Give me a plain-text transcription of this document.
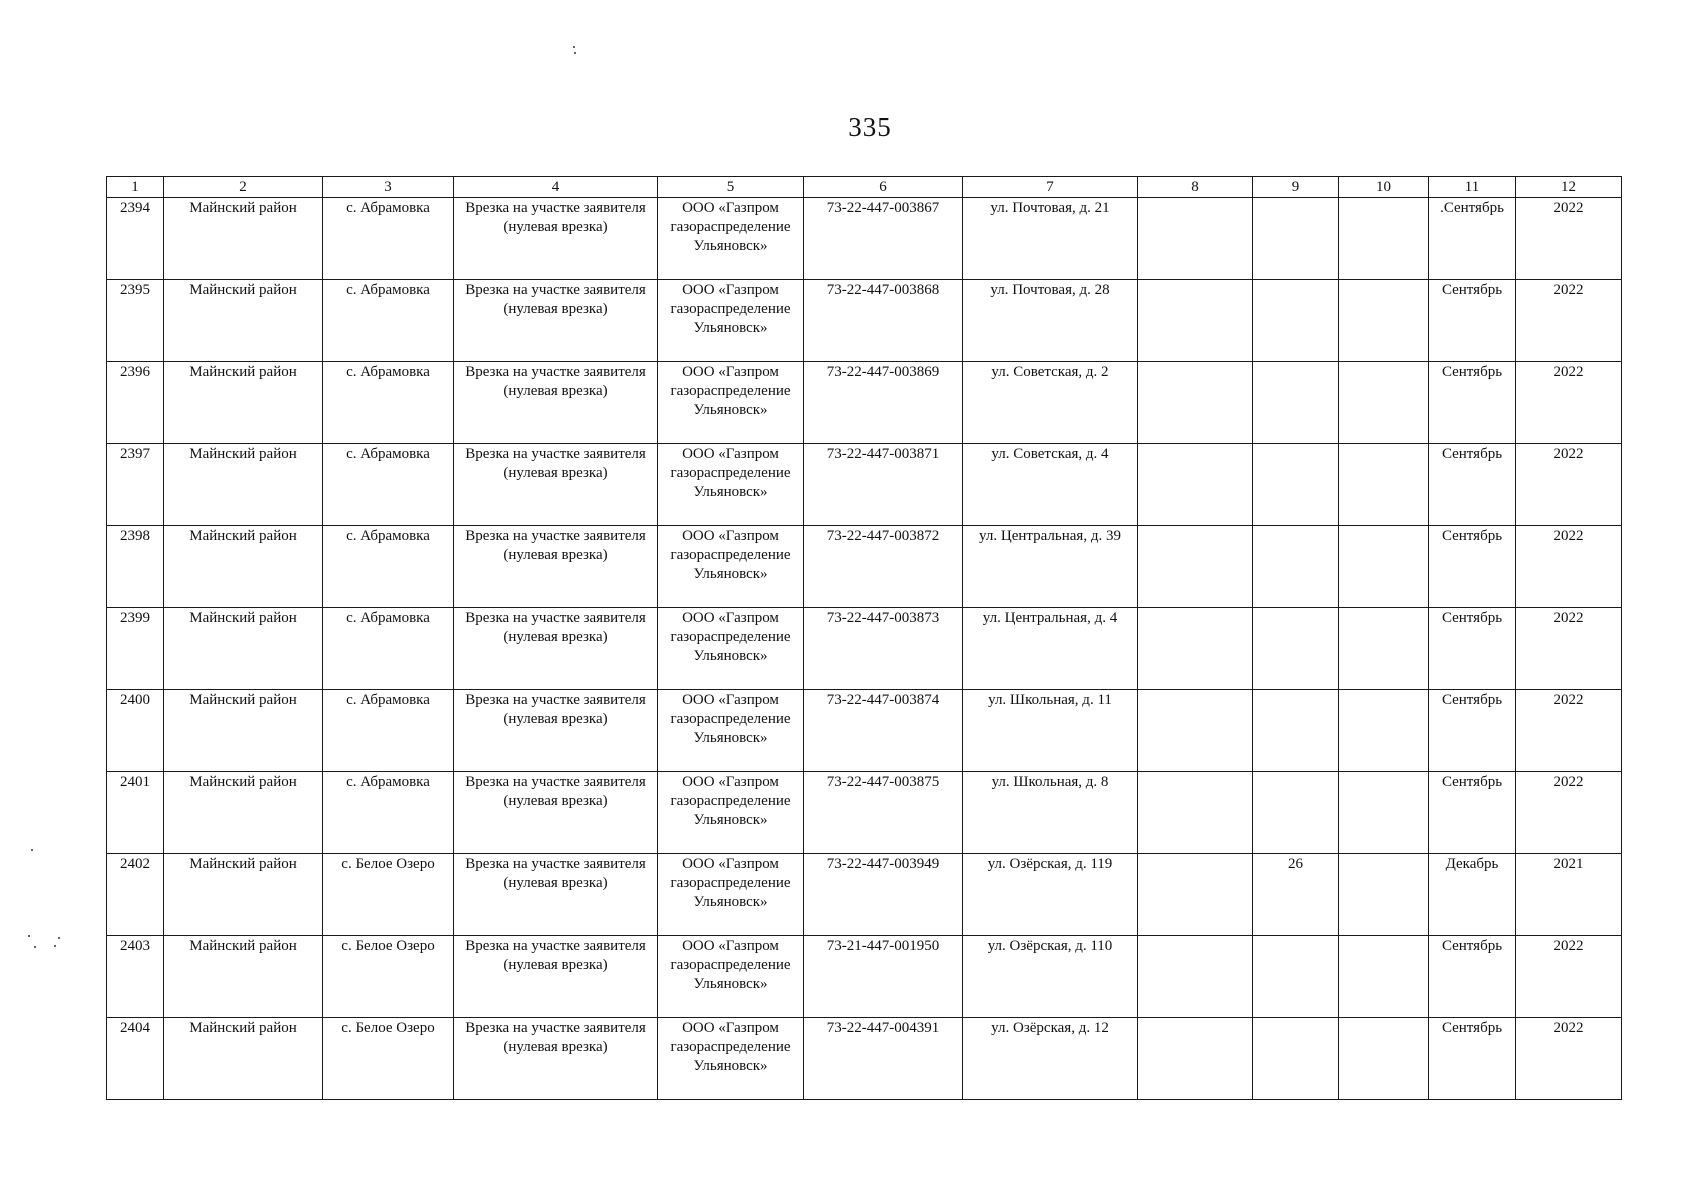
335
1	2	3	4	5	6	7	8	9	10	11	12
2394	Майнский район	с. Абрамовка	Врезка на участке заявителя (нулевая врезка)	ООО «Газпром газораспределение Ульяновск»	73-22-447-003867	ул. Почтовая, д. 21				.Сентябрь	2022
2395	Майнский район	с. Абрамовка	Врезка на участке заявителя (нулевая врезка)	ООО «Газпром газораспределение Ульяновск»	73-22-447-003868	ул. Почтовая, д. 28				Сентябрь	2022
2396	Майнский район	с. Абрамовка	Врезка на участке заявителя (нулевая врезка)	ООО «Газпром газораспределение Ульяновск»	73-22-447-003869	ул. Советская, д. 2				Сентябрь	2022
2397	Майнский район	с. Абрамовка	Врезка на участке заявителя (нулевая врезка)	ООО «Газпром газораспределение Ульяновск»	73-22-447-003871	ул. Советская, д. 4				Сентябрь	2022
2398	Майнский район	с. Абрамовка	Врезка на участке заявителя (нулевая врезка)	ООО «Газпром газораспределение Ульяновск»	73-22-447-003872	ул. Центральная, д. 39				Сентябрь	2022
2399	Майнский район	с. Абрамовка	Врезка на участке заявителя (нулевая врезка)	ООО «Газпром газораспределение Ульяновск»	73-22-447-003873	ул. Центральная, д. 4				Сентябрь	2022
2400	Майнский район	с. Абрамовка	Врезка на участке заявителя (нулевая врезка)	ООО «Газпром газораспределение Ульяновск»	73-22-447-003874	ул. Школьная, д. 11				Сентябрь	2022
2401	Майнский район	с. Абрамовка	Врезка на участке заявителя (нулевая врезка)	ООО «Газпром газораспределение Ульяновск»	73-22-447-003875	ул. Школьная, д. 8				Сентябрь	2022
2402	Майнский район	с. Белое Озеро	Врезка на участке заявителя (нулевая врезка)	ООО «Газпром газораспределение Ульяновск»	73-22-447-003949	ул. Озёрская, д. 119		26		Декабрь	2021
2403	Майнский район	с. Белое Озеро	Врезка на участке заявителя (нулевая врезка)	ООО «Газпром газораспределение Ульяновск»	73-21-447-001950	ул. Озёрская, д. 110				Сентябрь	2022
2404	Майнский район	с. Белое Озеро	Врезка на участке заявителя (нулевая врезка)	ООО «Газпром газораспределение Ульяновск»	73-22-447-004391	ул. Озёрская, д. 12				Сентябрь	2022
